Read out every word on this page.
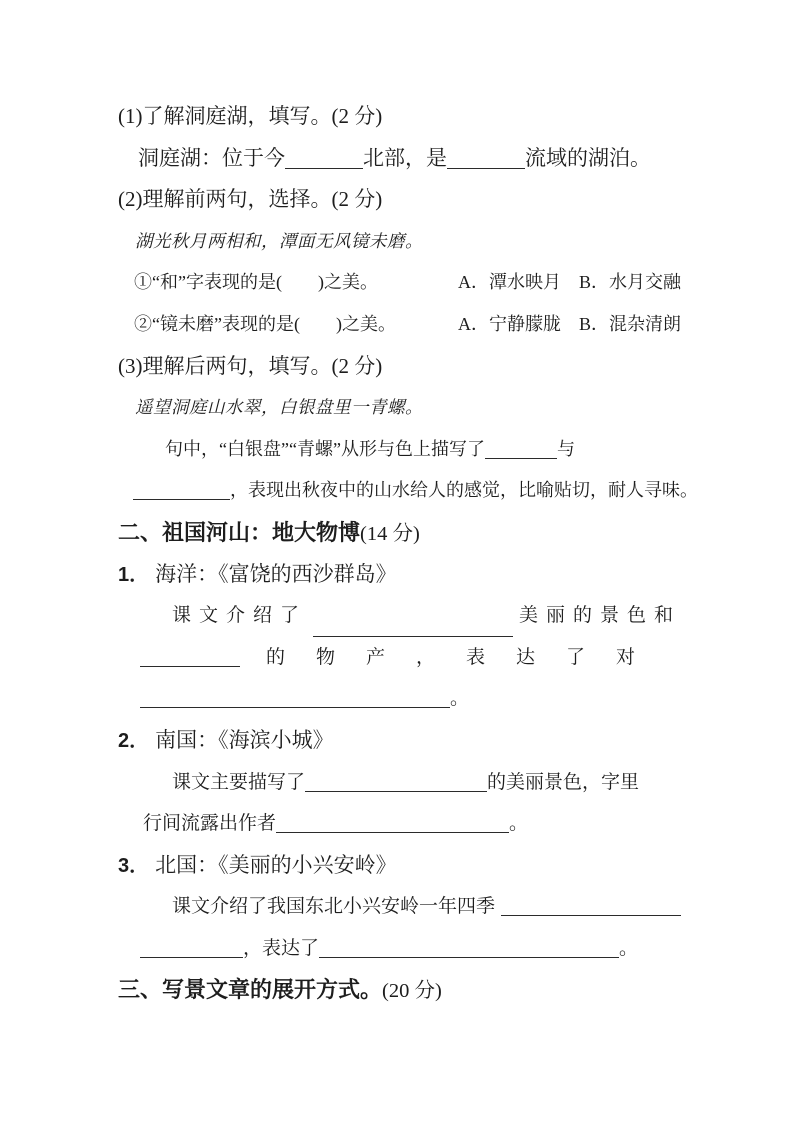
(1)了解洞庭湖，填写。(2 分)
洞庭湖：位于今	北部，是	流域的湖泊。
(2)理解前两句，选择。(2 分)
湖光秋月两相和，潭面无风镜未磨。
①“和”字表现的是(　　)之美。	A．潭水映月 B．水月交融
②“镜未磨”表现的是(　　)之美。	A．宁静朦胧 B．混杂清朗
(3)理解后两句，填写。(2 分)
遥望洞庭山水翠，白银盘里一青螺。
句中，“白银盘”“青螺”从形与色上描写了	与
，表现出秋夜中的山水给人的感觉，比喻贴切，耐人寻味。
二、祖国河山：地大物博(14 分)
1． 海洋：《富饶的西沙群岛》
课文介绍了	美丽的景色和
的物产，表达了对
。
2． 南国：《海滨小城》
课文主要描写了	的美丽景色，字里
行间流露出作者	。
3． 北国：《美丽的小兴安岭》
课文介绍了我国东北小兴安岭一年四季
，表达了	。
三、写景文章的展开方式。(20 分)
